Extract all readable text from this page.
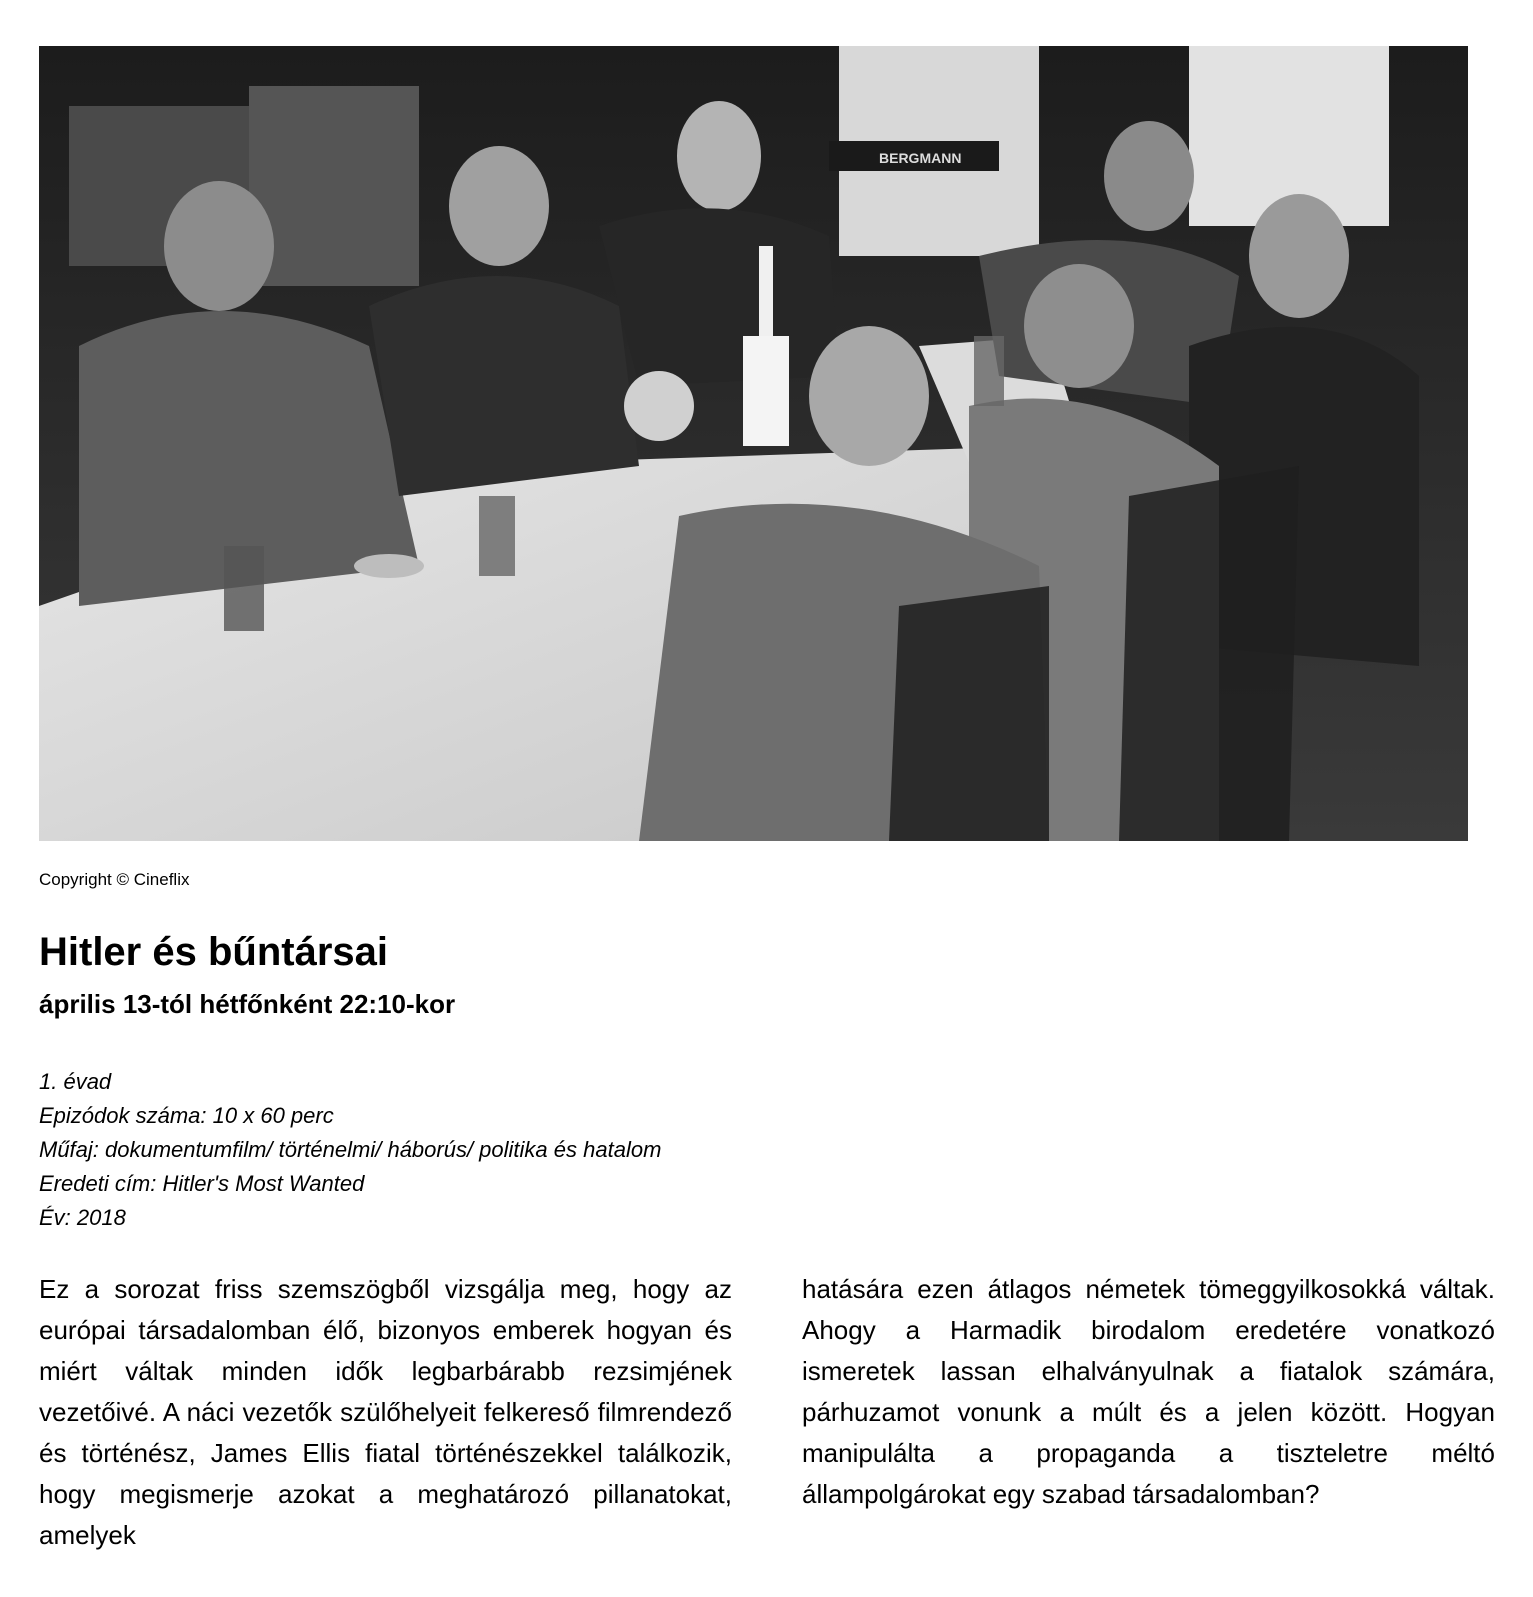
BERGMANN
Copyright © Cineflix
Hitler és bűntársai
április 13-tól hétfőnként 22:10-kor
1. évad
Epizódok száma: 10 x 60 perc
Műfaj: dokumentumfilm/ történelmi/ háborús/ politika és hatalom
Eredeti cím: Hitler's Most Wanted
Év: 2018

Ez a sorozat friss szemszögből vizsgálja meg, hogy az európai társadalomban élő, bizonyos emberek hogyan és miért váltak minden idők legbarbárabb rezsimjének vezetőivé. A náci vezetők szülőhelyeit felkereső filmrendező és történész, James Ellis fiatal történészekkel találkozik, hogy megismerje azokat a meghatározó pillanatokat, amelyek

hatására ezen átlagos németek tömeggyilkosokká váltak. Ahogy a Harmadik birodalom eredetére vonatkozó ismeretek lassan elhalványulnak a fiatalok számára, párhuzamot vonunk a múlt és a jelen között. Hogyan manipulálta a propaganda a tiszteletre méltó állampolgárokat egy szabad társadalomban?
